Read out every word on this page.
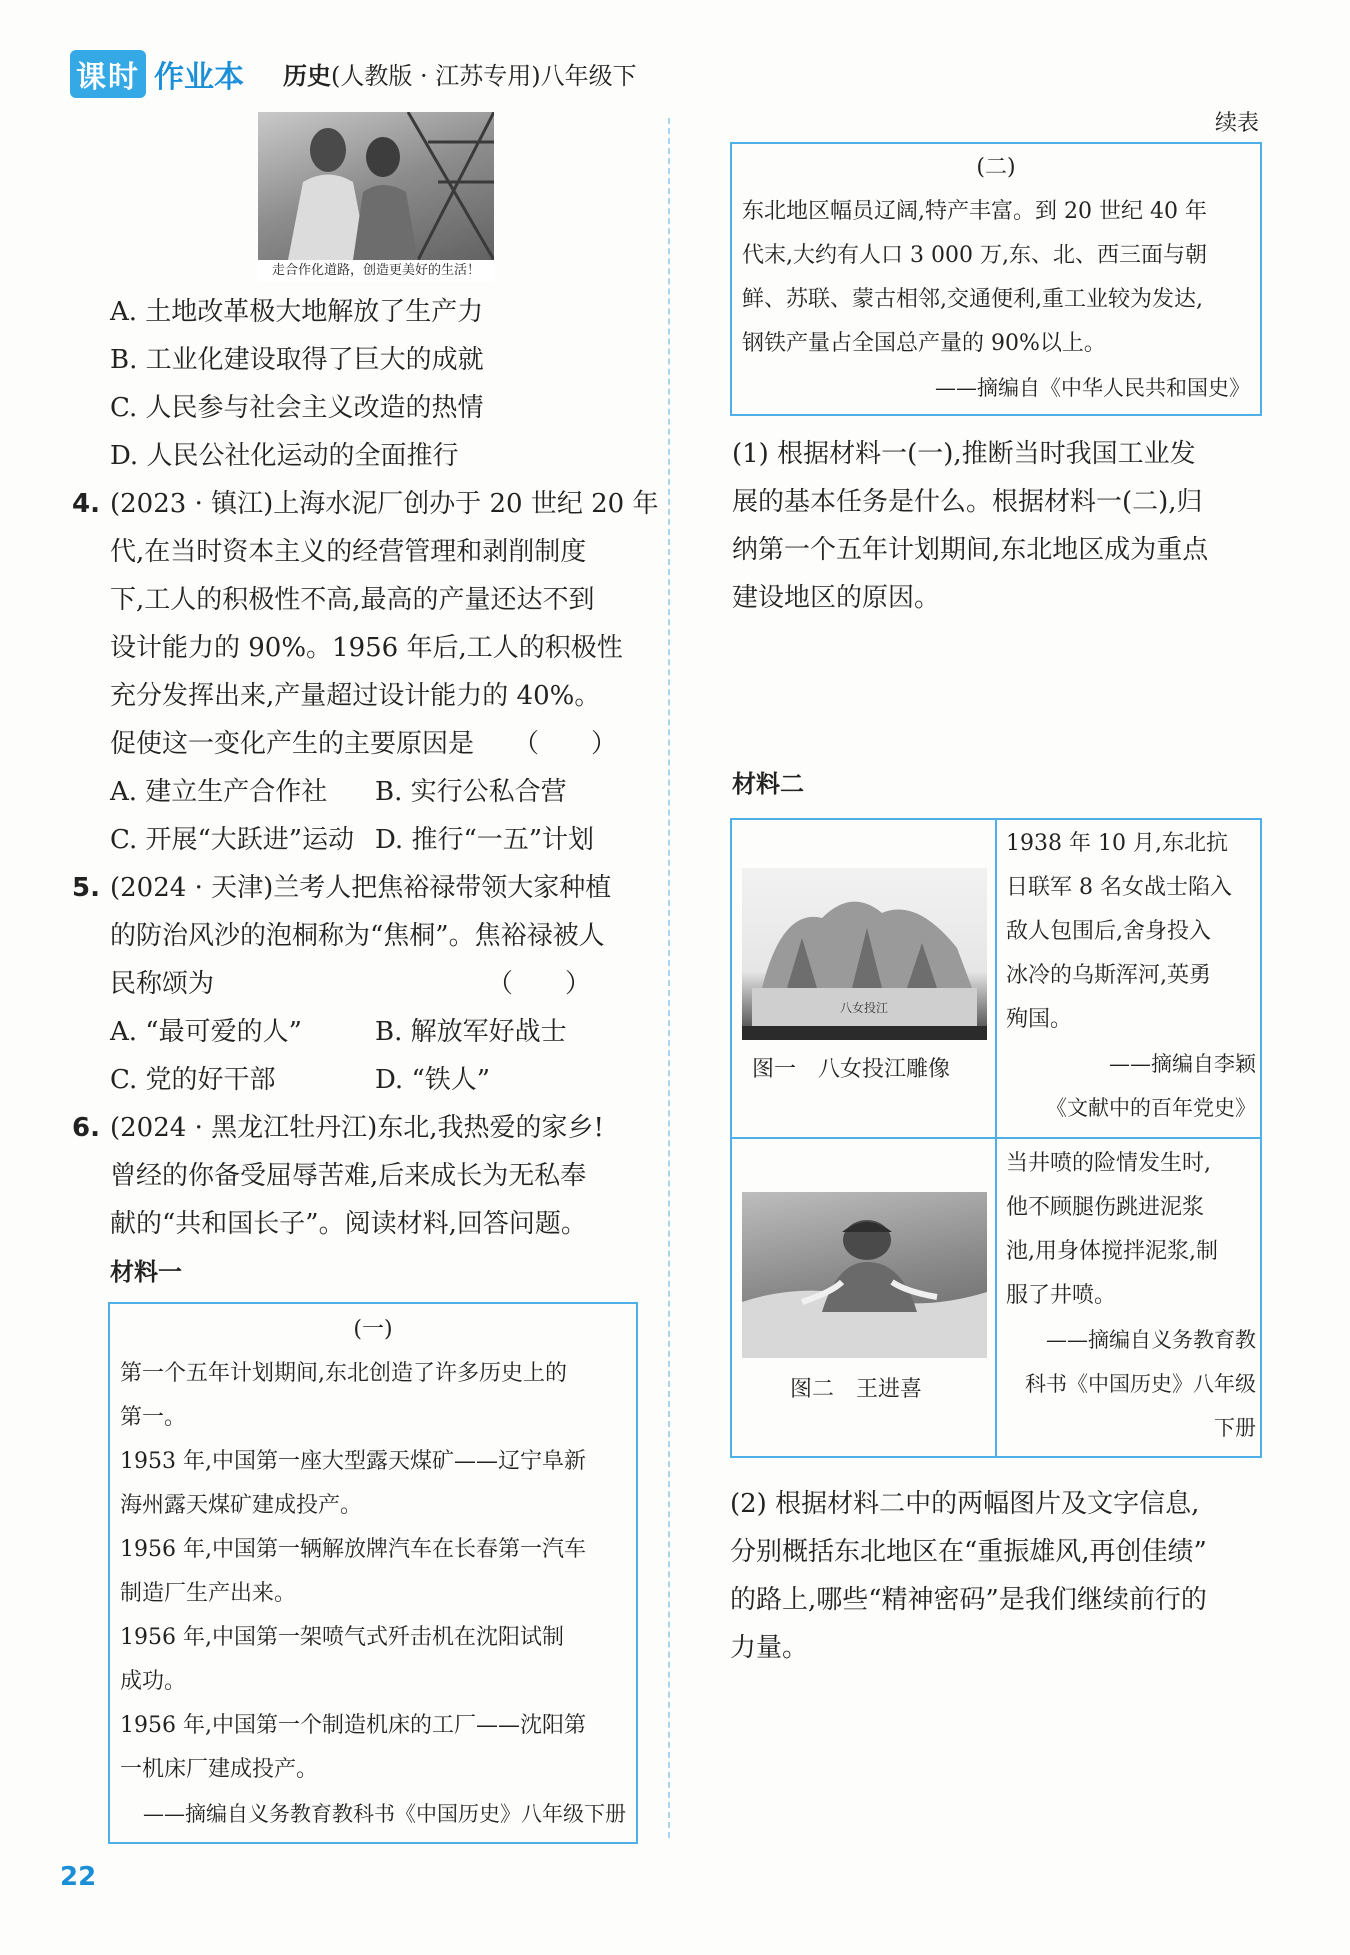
课时 作业本 历史(人教版 · 江苏专用)八年级下
走合作化道路，创造更美好的生活！
A. 土地改革极大地解放了生产力
B. 工业化建设取得了巨大的成就
C. 人民参与社会主义改造的热情
D. 人民公社化运动的全面推行
4. (2023 · 镇江)上海水泥厂创办于 20 世纪 20 年
代,在当时资本主义的经营管理和剥削制度
下,工人的积极性不高,最高的产量还达不到
设计能力的 90%。1956 年后,工人的积极性
充分发挥出来,产量超过设计能力的 40%。
促使这一变化产生的主要原因是　　（　　）
A. 建立生产合作社 B. 实行公私合营
C. 开展“大跃进”运动 D. 推行“一五”计划
5. (2024 · 天津)兰考人把焦裕禄带领大家种植
的防治风沙的泡桐称为“焦桐”。焦裕禄被人
民称颂为　　　　　　　　　　　（　　）
A. “最可爱的人”	B. 解放军好战士
C. 党的好干部	D. “铁人”
6. (2024 · 黑龙江牡丹江)东北,我热爱的家乡!
曾经的你备受屈辱苦难,后来成长为无私奉
献的“共和国长子”。阅读材料,回答问题。
材料一
(一)
第一个五年计划期间,东北创造了许多历史上的
第一。
1953 年,中国第一座大型露天煤矿——辽宁阜新
海州露天煤矿建成投产。
1956 年,中国第一辆解放牌汽车在长春第一汽车
制造厂生产出来。
1956 年,中国第一架喷气式歼击机在沈阳试制
成功。
1956 年,中国第一个制造机床的工厂——沈阳第
一机床厂建成投产。
——摘编自义务教育教科书《中国历史》八年级下册
续表
(二)
东北地区幅员辽阔,特产丰富。到 20 世纪 40 年
代末,大约有人口 3 000 万,东、北、西三面与朝
鲜、苏联、蒙古相邻,交通便利,重工业较为发达,
钢铁产量占全国总产量的 90%以上。
——摘编自《中华人民共和国史》
(1) 根据材料一(一),推断当时我国工业发
展的基本任务是什么。根据材料一(二),归
纳第一个五年计划期间,东北地区成为重点
建设地区的原因。
材料二
八女投江
图一　八女投江雕像
1938 年 10 月,东北抗
日联军 8 名女战士陷入
敌人包围后,舍身投入
冰冷的乌斯浑河,英勇
殉国。
——摘编自李颖
《文献中的百年党史》
图二　王进喜
当井喷的险情发生时,
他不顾腿伤跳进泥浆
池,用身体搅拌泥浆,制
服了井喷。
——摘编自义务教育教
科书《中国历史》八年级
下册
(2) 根据材料二中的两幅图片及文字信息,
分别概括东北地区在“重振雄风,再创佳绩”
的路上,哪些“精神密码”是我们继续前行的
力量。
22
